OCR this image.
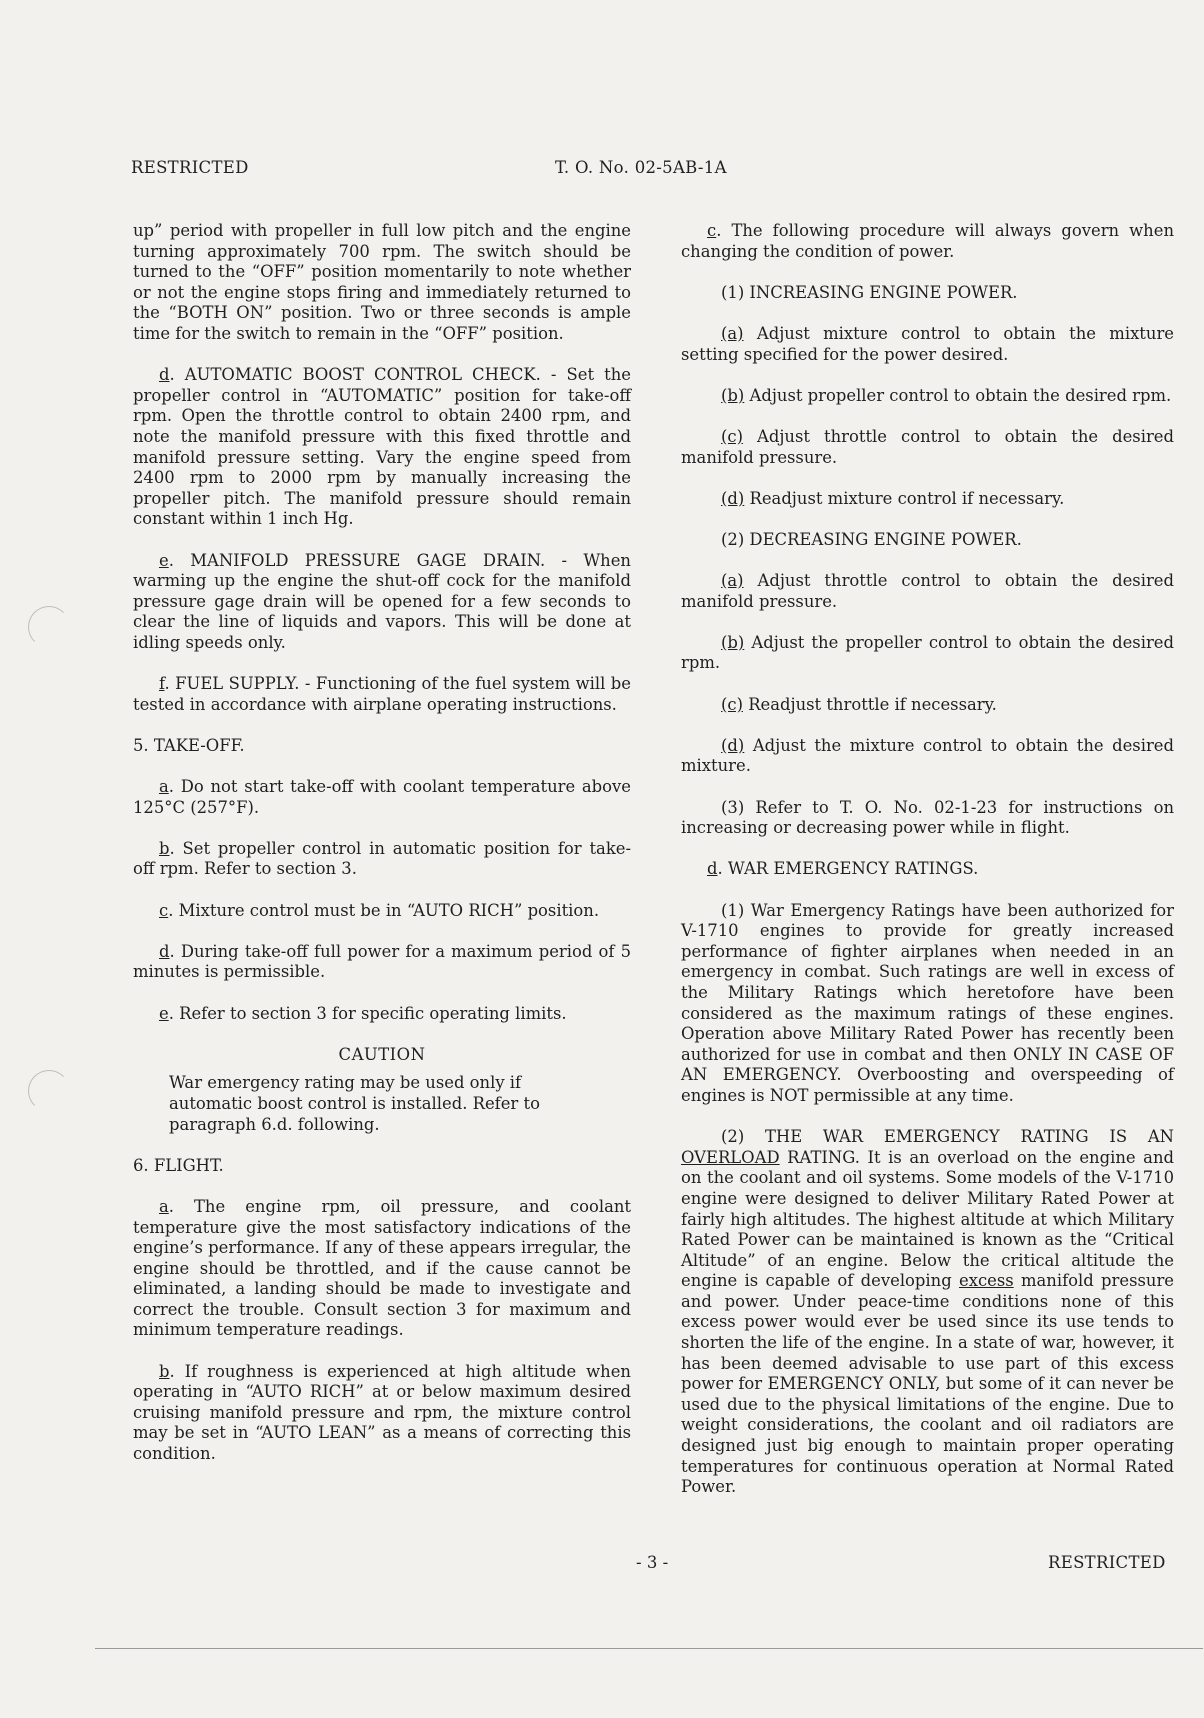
RESTRICTED	T. O. No. 02-5AB-1A

up” period with propeller in full low pitch and the engine turning approximately 700 rpm. The switch should be turned to the “OFF” position momentarily to note whether or not the engine stops firing and immediately returned to the “BOTH ON” position. Two or three seconds is ample time for the switch to remain in the “OFF” position.

d. AUTOMATIC BOOST CONTROL CHECK. - Set the propeller control in “AUTOMATIC” position for take-off rpm. Open the throttle control to obtain 2400 rpm, and note the manifold pressure with this fixed throttle and manifold pressure setting. Vary the engine speed from 2400 rpm to 2000 rpm by manually increasing the propeller pitch. The manifold pressure should remain constant within 1 inch Hg.

e. MANIFOLD PRESSURE GAGE DRAIN. - When warming up the engine the shut-off cock for the manifold pressure gage drain will be opened for a few seconds to clear the line of liquids and vapors. This will be done at idling speeds only.

f. FUEL SUPPLY. - Functioning of the fuel system will be tested in accordance with airplane operating instructions.

5. TAKE-OFF.

a. Do not start take-off with coolant temperature above 125°C (257°F).

b. Set propeller control in automatic position for take-off rpm. Refer to section 3.

c. Mixture control must be in “AUTO RICH” position.

d. During take-off full power for a maximum period of 5 minutes is permissible.

e. Refer to section 3 for specific operating limits.

CAUTION
War emergency rating may be used only if automatic boost control is installed. Refer to paragraph 6.d. following.

6. FLIGHT.

a. The engine rpm, oil pressure, and coolant temperature give the most satisfactory indications of the engine’s performance. If any of these appears irregular, the engine should be throttled, and if the cause cannot be eliminated, a landing should be made to investigate and correct the trouble. Consult section 3 for maximum and minimum temperature readings.

b. If roughness is experienced at high altitude when operating in “AUTO RICH” at or below maximum desired cruising manifold pressure and rpm, the mixture control may be set in “AUTO LEAN” as a means of correcting this condition.

c. The following procedure will always govern when changing the condition of power.

(1) INCREASING ENGINE POWER.

(a) Adjust mixture control to obtain the mixture setting specified for the power desired.

(b) Adjust propeller control to obtain the desired rpm.

(c) Adjust throttle control to obtain the desired manifold pressure.

(d) Readjust mixture control if necessary.

(2) DECREASING ENGINE POWER.

(a) Adjust throttle control to obtain the desired manifold pressure.

(b) Adjust the propeller control to obtain the desired rpm.

(c) Readjust throttle if necessary.

(d) Adjust the mixture control to obtain the desired mixture.

(3) Refer to T. O. No. 02-1-23 for instructions on increasing or decreasing power while in flight.

d. WAR EMERGENCY RATINGS.

(1) War Emergency Ratings have been authorized for V-1710 engines to provide for greatly increased performance of fighter airplanes when needed in an emergency in combat. Such ratings are well in excess of the Military Ratings which heretofore have been considered as the maximum ratings of these engines. Operation above Military Rated Power has recently been authorized for use in combat and then ONLY IN CASE OF AN EMERGENCY. Overboosting and overspeeding of engines is NOT permissible at any time.

(2) THE WAR EMERGENCY RATING IS AN OVERLOAD RATING. It is an overload on the engine and on the coolant and oil systems. Some models of the V-1710 engine were designed to deliver Military Rated Power at fairly high altitudes. The highest altitude at which Military Rated Power can be maintained is known as the “Critical Altitude” of an engine. Below the critical altitude the engine is capable of developing excess manifold pressure and power. Under peace-time conditions none of this excess power would ever be used since its use tends to shorten the life of the engine. In a state of war, however, it has been deemed advisable to use part of this excess power for EMERGENCY ONLY, but some of it can never be used due to the physical limitations of the engine. Due to weight considerations, the coolant and oil radiators are designed just big enough to maintain proper operating temperatures for continuous operation at Normal Rated Power.

- 3 -	RESTRICTED
